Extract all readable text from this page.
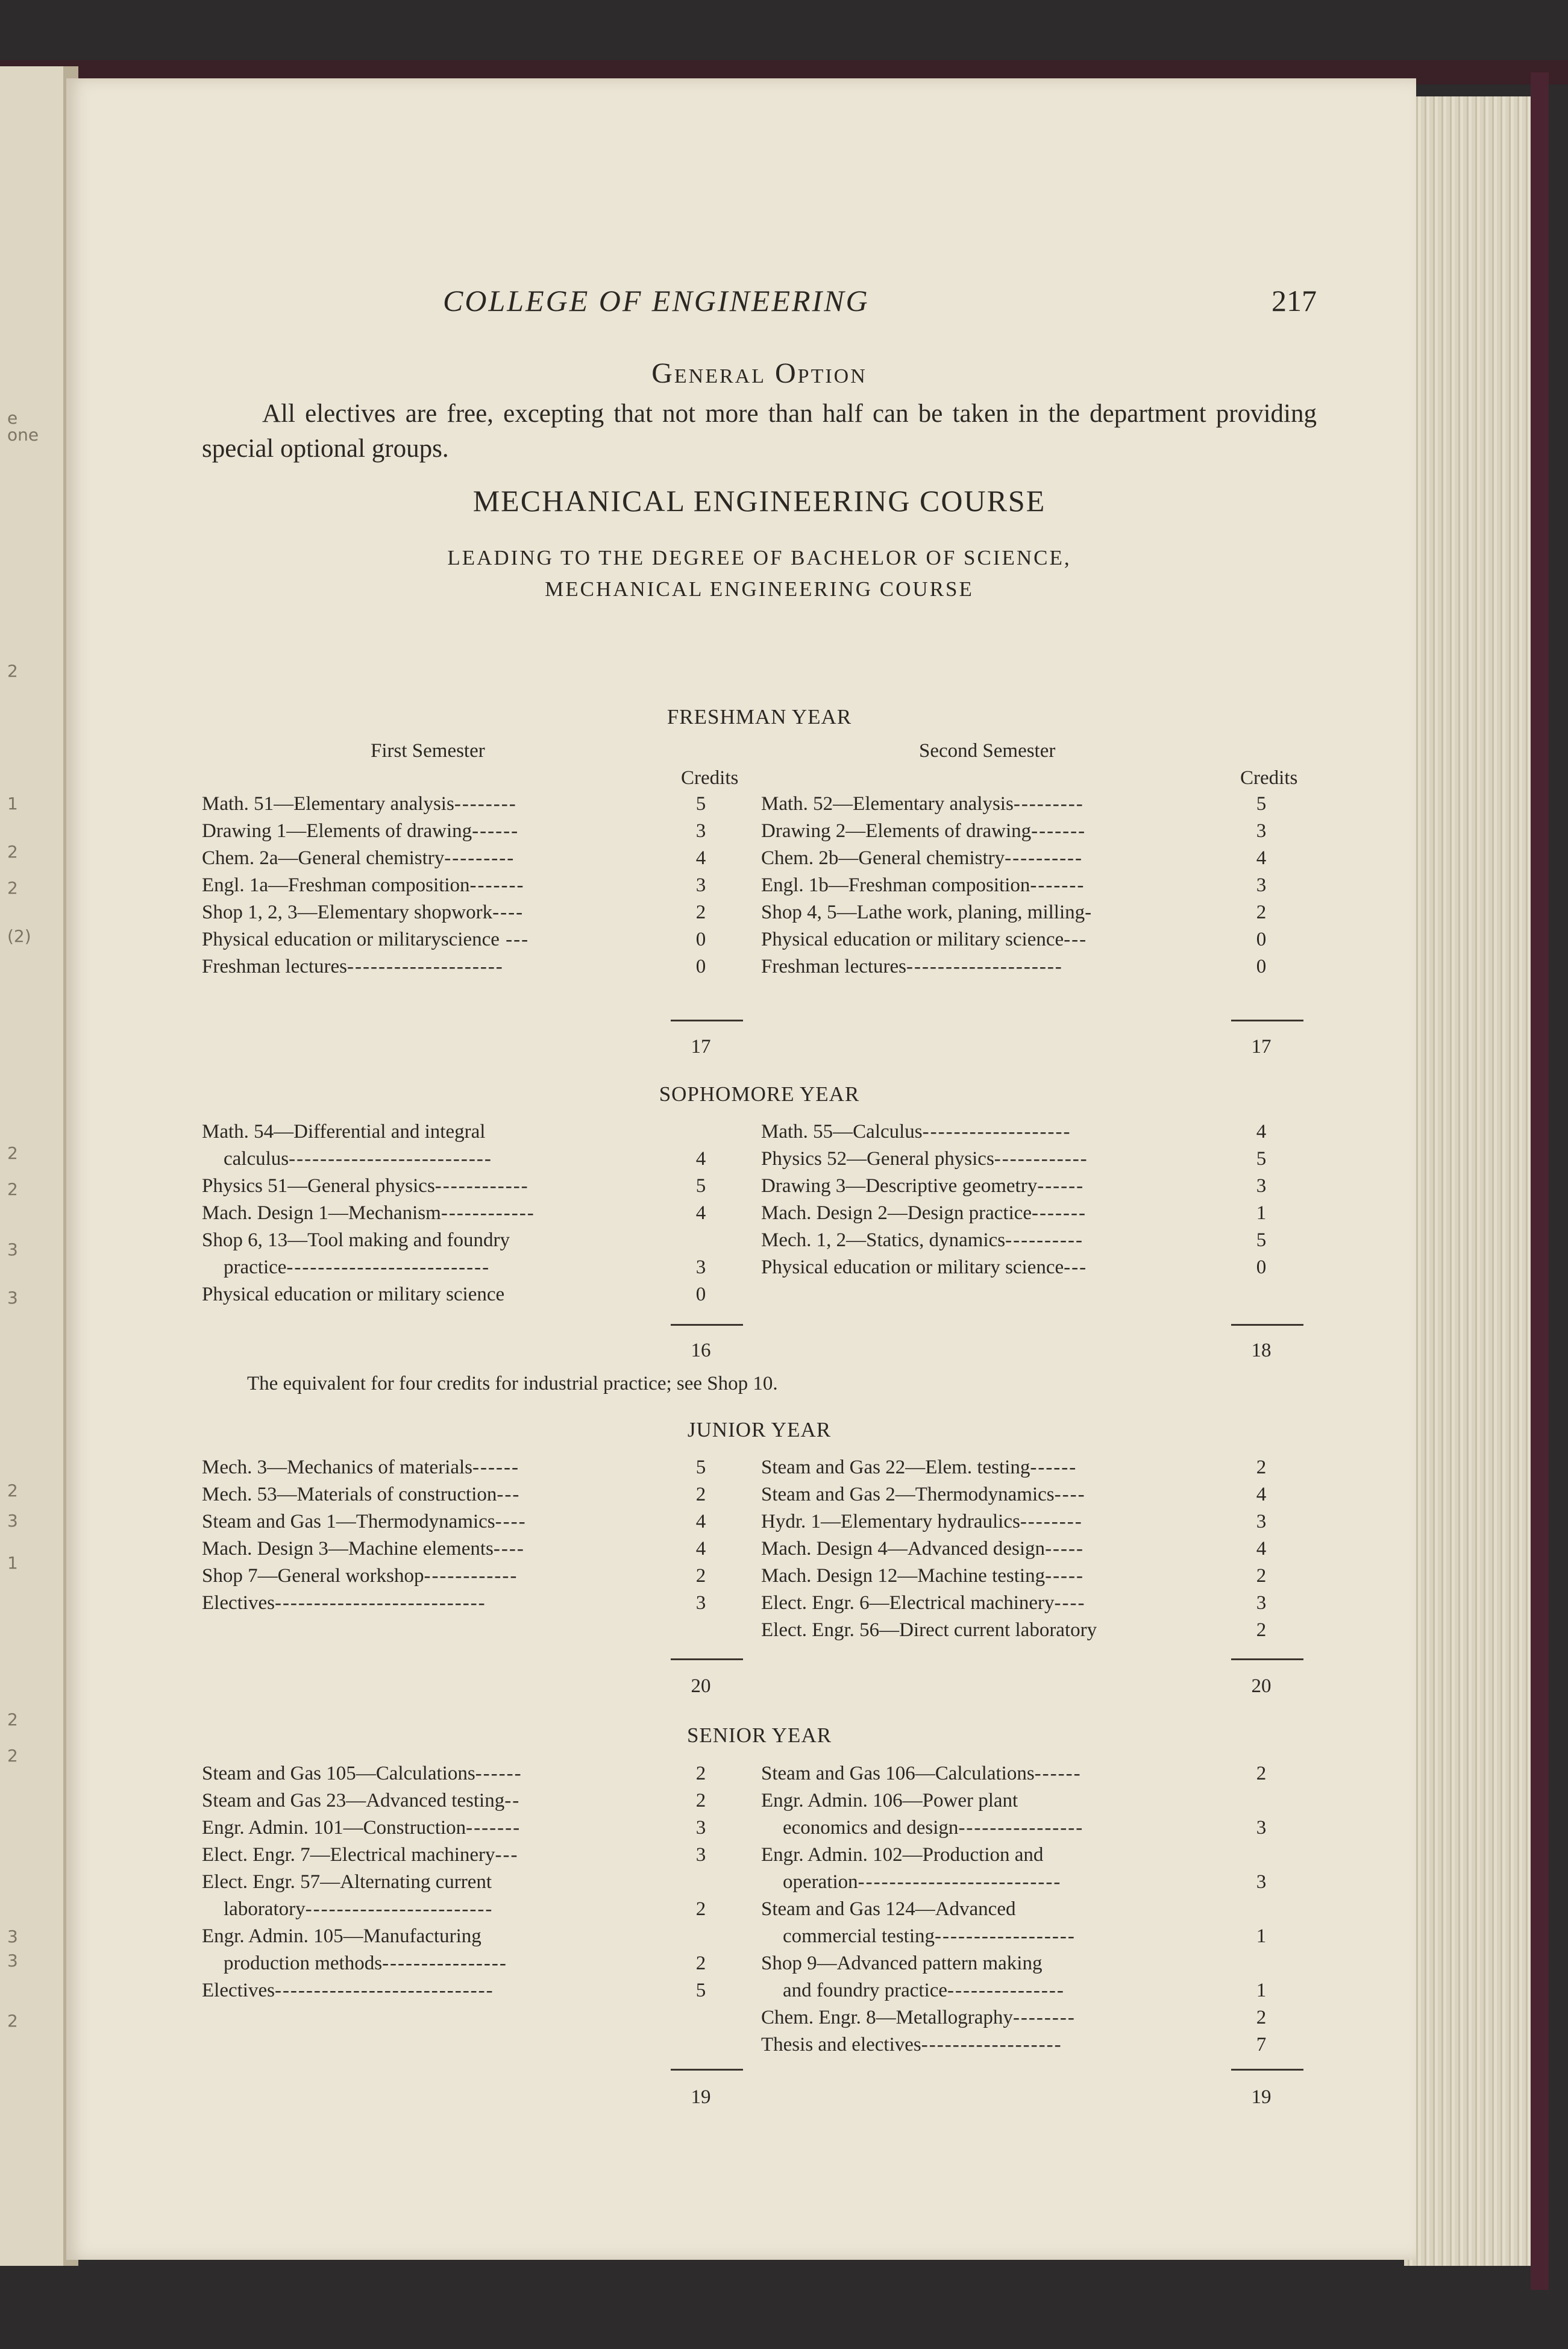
e one
2
1
2
2
(2)
2
2
3
3
2
3
1
2
2
3
3
2
COLLEGE OF ENGINEERING	217
General Option
All electives are free, excepting that not more than half can be taken in the department providing special optional groups.
MECHANICAL ENGINEERING COURSE
LEADING TO THE DEGREE OF BACHELOR OF SCIENCE,
MECHANICAL ENGINEERING COURSE
FRESHMAN YEAR
First Semester	Second Semester
Credits	Credits
SOPHOMORE YEAR
The equivalent for four credits for industrial practice; see Shop 10.
JUNIOR YEAR
SENIOR YEAR
Math. 51—Elementary analysis--------	5
Drawing 1—Elements of drawing------	3
Chem. 2a—General chemistry---------	4
Engl. 1a—Freshman composition-------	3
Shop 1, 2, 3—Elementary shopwork----	2
Physical education or militaryscience ---	0
Freshman lectures--------------------	0
17
Math. 52—Elementary analysis---------	5
Drawing 2—Elements of drawing-------	3
Chem. 2b—General chemistry----------	4
Engl. 1b—Freshman composition-------	3
Shop 4, 5—Lathe work, planing, milling-	2
Physical education or military science---	0
Freshman lectures--------------------	0
17
Math. 54—Differential and integral
calculus--------------------------	4
Physics 51—General physics------------	5
Mach. Design 1—Mechanism------------	4
Shop 6, 13—Tool making and foundry
practice--------------------------	3
Physical education or military science	0
16
Math. 55—Calculus-------------------	4
Physics 52—General physics------------	5
Drawing 3—Descriptive geometry------	3
Mach. Design 2—Design practice-------	1
Mech. 1, 2—Statics, dynamics----------	5
Physical education or military science---	0
18
Mech. 3—Mechanics of materials------	5
Mech. 53—Materials of construction---	2
Steam and Gas 1—Thermodynamics----	4
Mach. Design 3—Machine elements----	4
Shop 7—General workshop------------	2
Electives---------------------------	3
20
Steam and Gas 22—Elem. testing------	2
Steam and Gas 2—Thermodynamics----	4
Hydr. 1—Elementary hydraulics--------	3
Mach. Design 4—Advanced design-----	4
Mach. Design 12—Machine testing-----	2
Elect. Engr. 6—Electrical machinery----	3
Elect. Engr. 56—Direct current laboratory	2
20
Steam and Gas 105—Calculations------	2
Steam and Gas 23—Advanced testing--	2
Engr. Admin. 101—Construction-------	3
Elect. Engr. 7—Electrical machinery---	3
Elect. Engr. 57—Alternating current
laboratory------------------------	2
Engr. Admin. 105—Manufacturing
production methods----------------	2
Electives----------------------------	5
19
Steam and Gas 106—Calculations------	2
Engr. Admin. 106—Power plant
economics and design----------------	3
Engr. Admin. 102—Production and
operation--------------------------	3
Steam and Gas 124—Advanced
commercial testing------------------	1
Shop 9—Advanced pattern making
and foundry practice---------------	1
Chem. Engr. 8—Metallography--------	2
Thesis and electives------------------	7
19
